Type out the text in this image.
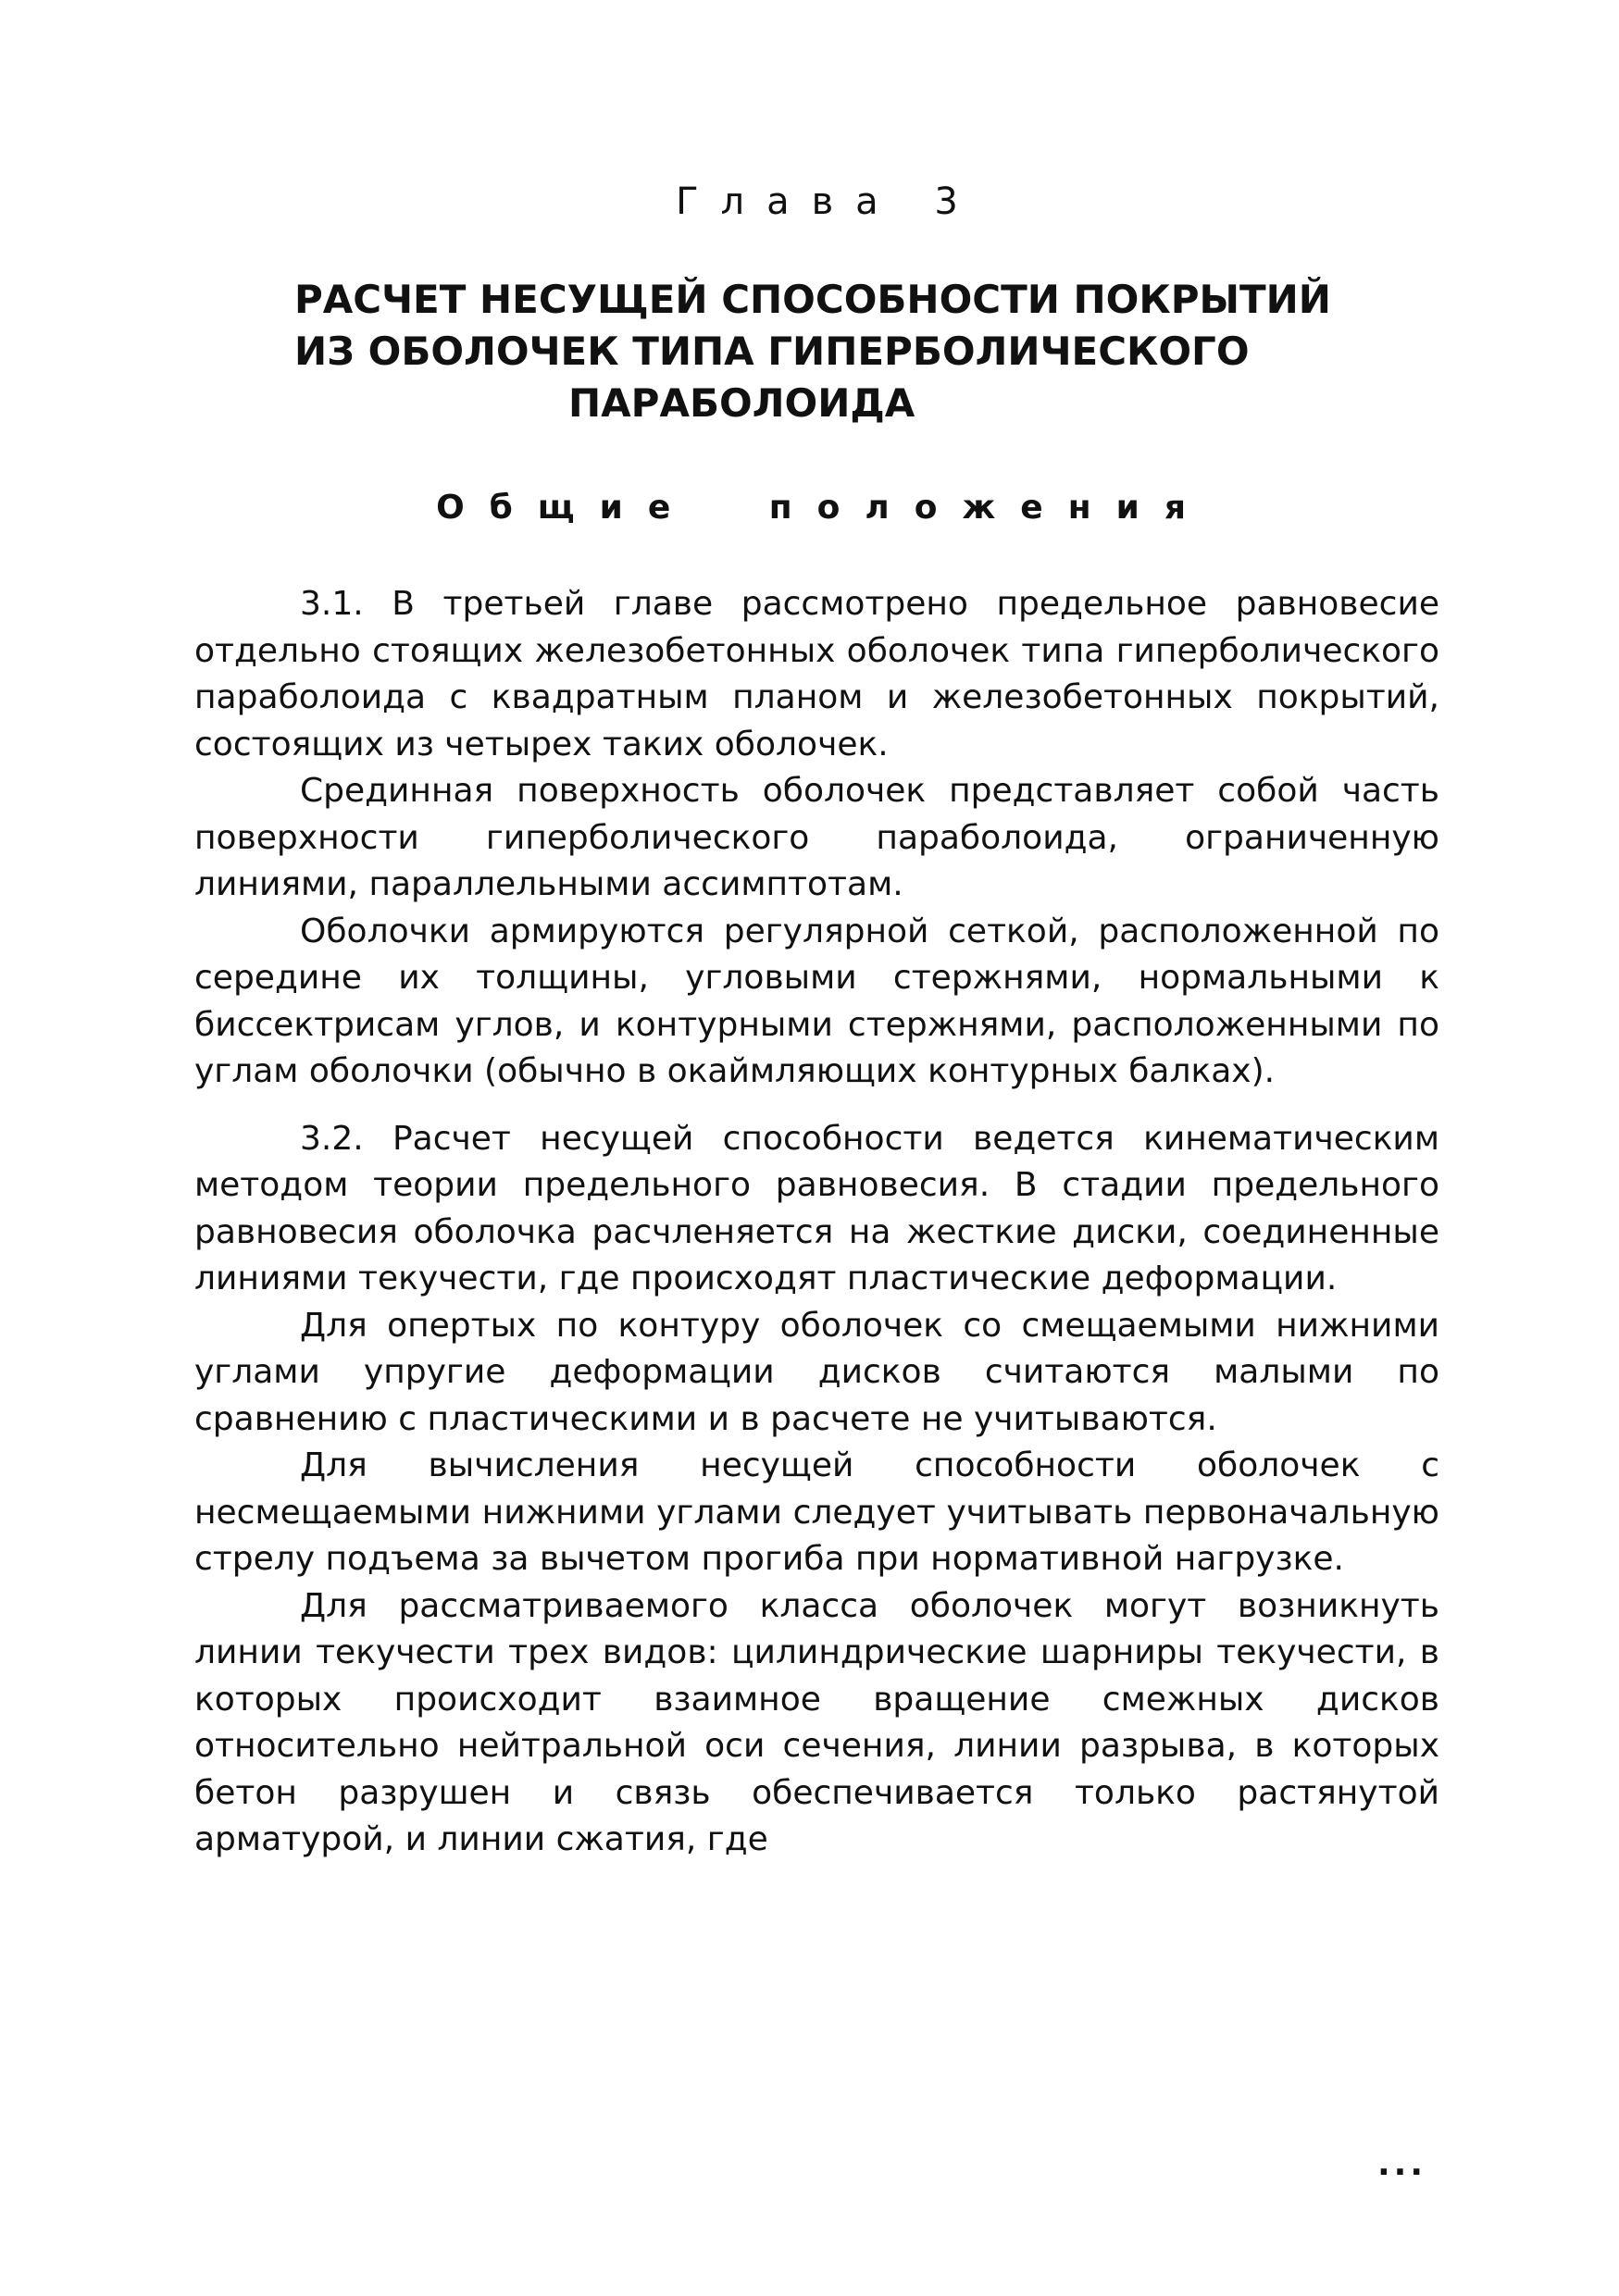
Глава 3
РАСЧЕТ НЕСУЩЕЙ СПОСОБНОСТИ ПОКРЫТИЙ
ИЗ ОБОЛОЧЕК ТИПА ГИПЕРБОЛИЧЕСКОГО
ПАРАБОЛОИДА
Общие положения

3.1. В третьей главе рассмотрено предельное равновесие отдельно стоящих железобетонных оболочек типа гиперболического параболоида с квадратным планом и железобетонных покрытий, состоящих из четырех таких оболочек.

Срединная поверхность оболочек представляет собой часть поверхности гиперболического параболоида, ограниченную линиями, параллельными ассимптотам.

Оболочки армируются регулярной сеткой, расположенной по середине их толщины, угловыми стержнями, нормальными к биссектрисам углов, и контурными стержнями, расположенными по углам оболочки (обычно в окаймляющих контурных балках).

3.2. Расчет несущей способности ведется кинематическим методом теории предельного равновесия. В стадии предельного равновесия оболочка расчленяется на жесткие диски, соединенные линиями текучести, где происходят пластические деформации.

Для опертых по контуру оболочек со смещаемыми нижними углами упругие деформации дисков считаются малыми по сравнению с пластическими и в расчете не учитываются.

Для вычисления несущей способности оболочек с несмещаемыми нижними углами следует учитывать первоначальную стрелу подъема за вычетом прогиба при нормативной нагрузке.

Для рассматриваемого класса оболочек могут возникнуть линии текучести трех видов: цилиндрические шарниры текучести, в которых происходит взаимное вращение смежных дисков относительно нейтральной оси сечения, линии разрыва, в которых бетон разрушен и связь обеспечивается только растянутой арматурой, и линии сжатия, где

...
